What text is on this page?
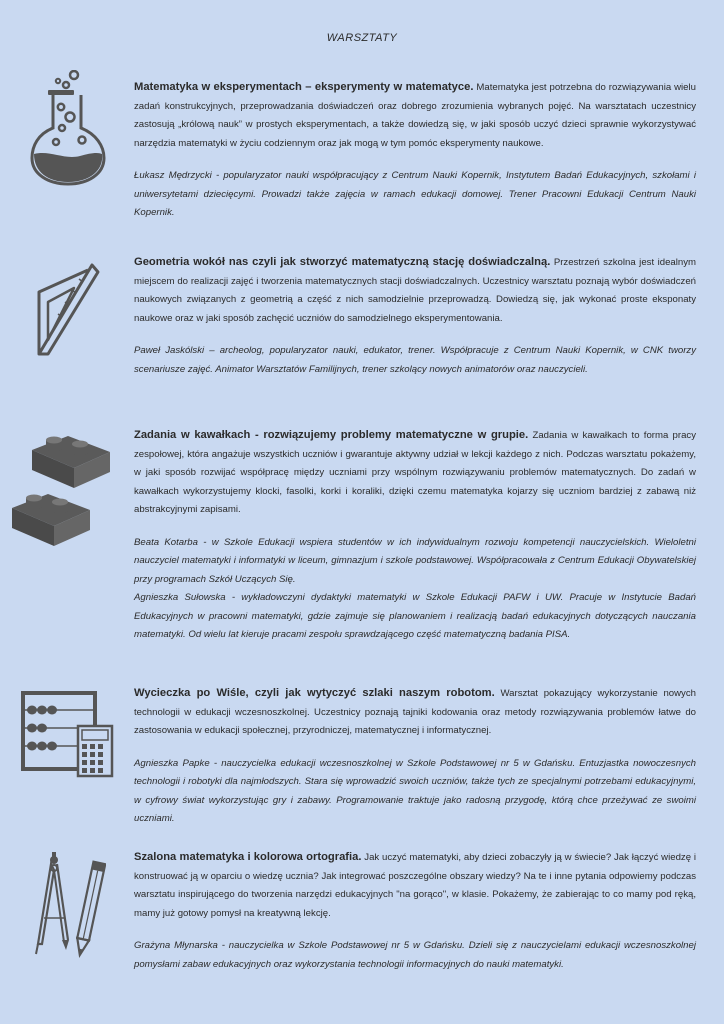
WARSZTATY

Matematyka w eksperymentach – eksperymenty w matematyce. Matematyka jest potrzebna do rozwiązywania wielu zadań konstrukcyjnych, przeprowadzania doświadczeń oraz dobrego zrozumienia wybranych pojęć. Na warsztatach uczestnicy zastosują „królową nauk” w prostych eksperymentach, a także dowiedzą się, w jaki sposób uczyć dzieci sprawnie wykorzystywać narzędzia matematyki w życiu codziennym oraz jak mogą w tym pomóc eksperymenty naukowe.

Łukasz Mędrzycki - popularyzator nauki współpracujący z Centrum Nauki Kopernik, Instytutem Badań Edukacyjnych, szkołami i uniwersytetami dziecięcymi. Prowadzi także zajęcia w ramach edukacji domowej. Trener Pracowni Edukacji Centrum Nauki Kopernik.

Geometria wokół nas czyli jak stworzyć matematyczną stację doświadczalną. Przestrzeń szkolna jest idealnym miejscem do realizacji zajęć i tworzenia matematycznych stacji doświadczalnych. Uczestnicy warsztatu poznają wybór doświadczeń naukowych związanych z geometrią a część z nich samodzielnie przeprowadzą. Dowiedzą się, jak wykonać proste eksponaty naukowe oraz w jaki sposób zachęcić uczniów do samodzielnego eksperymentowania.

Paweł Jaskólski – archeolog, popularyzator nauki, edukator, trener. Współpracuje z Centrum Nauki Kopernik, w CNK tworzy scenariusze zajęć. Animator Warsztatów Familijnych, trener szkolący nowych animatorów oraz nauczycieli.

Zadania w kawałkach - rozwiązujemy problemy matematyczne w grupie. Zadania w kawałkach to forma pracy zespołowej, która angażuje wszystkich uczniów i gwarantuje aktywny udział w lekcji każdego z nich. Podczas warsztatu pokażemy, w jaki sposób rozwijać współpracę między uczniami przy wspólnym rozwiązywaniu problemów matematycznych. Do zadań w kawałkach wykorzystujemy klocki, fasolki, korki i koraliki, dzięki czemu matematyka kojarzy się uczniom bardziej z zabawą niż abstrakcyjnymi zapisami.

Beata Kotarba - w Szkole Edukacji wspiera studentów w ich indywidualnym rozwoju kompetencji nauczycielskich. Wieloletni nauczyciel matematyki i informatyki w liceum, gimnazjum i szkole podstawowej. Współpracowała z Centrum Edukacji Obywatelskiej przy programach Szkół Uczących Się.

Agnieszka Sułowska - wykładowczyni dydaktyki matematyki w Szkole Edukacji PAFW i UW. Pracuje w Instytucie Badań Edukacyjnych w pracowni matematyki, gdzie zajmuje się planowaniem i realizacją badań edukacyjnych dotyczących nauczania matematyki. Od wielu lat kieruje pracami zespołu sprawdzającego część matematyczną badania PISA.

Wycieczka po Wiśle, czyli jak wytyczyć szlaki naszym robotom. Warsztat pokazujący wykorzystanie nowych technologii w edukacji wczesnoszkolnej. Uczestnicy poznają tajniki kodowania oraz metody rozwiązywania problemów łatwe do zastosowania w edukacji społecznej, przyrodniczej, matematycznej i informatycznej.

Agnieszka Papke - nauczycielka edukacji wczesnoszkolnej w Szkole Podstawowej nr 5 w Gdańsku. Entuzjastka nowoczesnych technologii i robotyki dla najmłodszych. Stara się wprowadzić swoich uczniów, także tych ze specjalnymi potrzebami edukacyjnymi, w cyfrowy świat wykorzystując gry i zabawy. Programowanie traktuje jako radosną przygodę, którą chce przeżywać ze swoimi uczniami.

Szalona matematyka i kolorowa ortografia. Jak uczyć matematyki, aby dzieci zobaczyły ją w świecie? Jak łączyć wiedzę i konstruować ją w oparciu o wiedzę ucznia? Jak integrować poszczególne obszary wiedzy? Na te i inne pytania odpowiemy podczas warsztatu inspirującego do tworzenia narzędzi edukacyjnych "na gorąco", w klasie. Pokażemy, że zabierając to co mamy pod ręką, mamy już gotowy pomysł na kreatywną lekcję.

Grażyna Młynarska - nauczycielka w Szkole Podstawowej nr 5 w Gdańsku. Dzieli się z nauczycielami edukacji wczesnoszkolnej pomysłami zabaw edukacyjnych oraz wykorzystania technologii informacyjnych do nauki matematyki.
